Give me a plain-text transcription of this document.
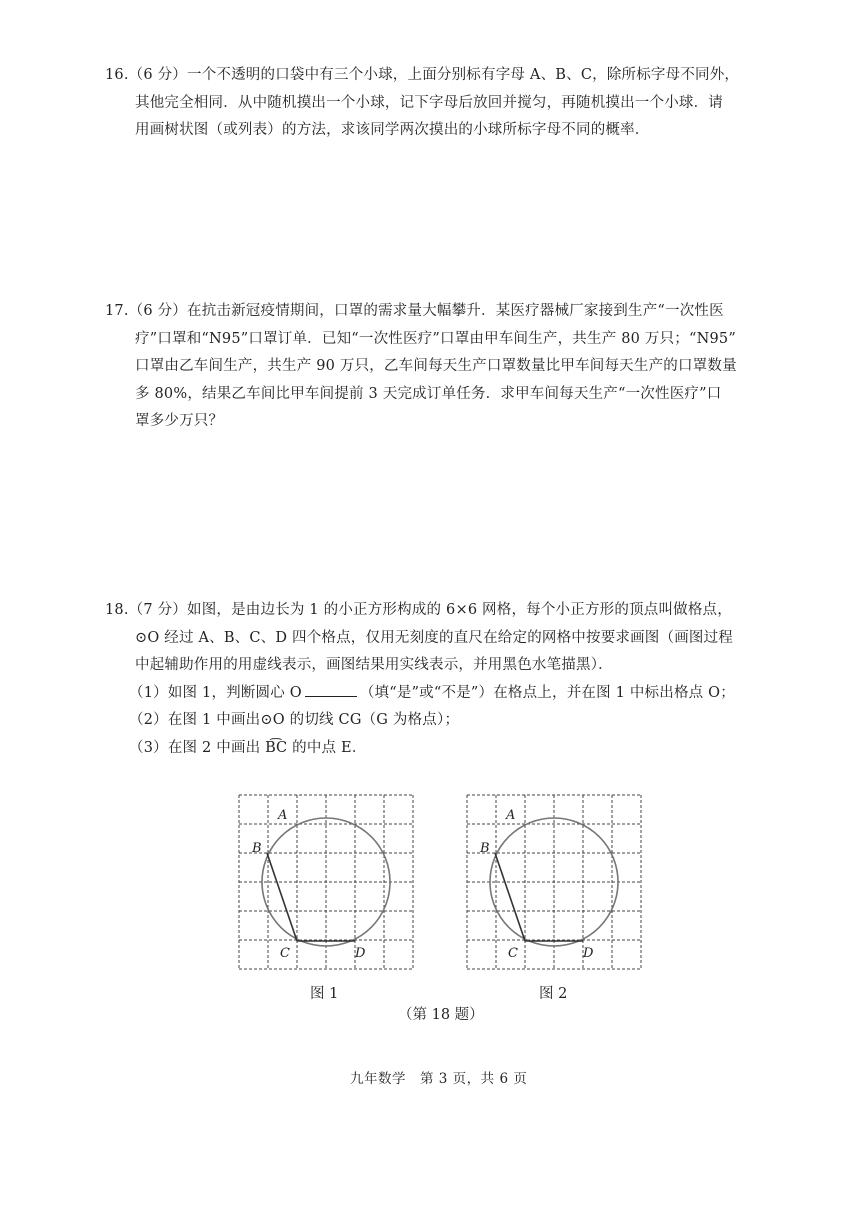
16.（6 分）一个不透明的口袋中有三个小球，上面分别标有字母 A、B、C，除所标字母不同外，
其他完全相同．从中随机摸出一个小球，记下字母后放回并搅匀，再随机摸出一个小球．请
用画树状图（或列表）的方法，求该同学两次摸出的小球所标字母不同的概率．
17.（6 分）在抗击新冠疫情期间，口罩的需求量大幅攀升．某医疗器械厂家接到生产“一次性医
疗”口罩和“N95”口罩订单．已知“一次性医疗”口罩由甲车间生产，共生产 80 万只；“N95”
口罩由乙车间生产，共生产 90 万只，乙车间每天生产口罩数量比甲车间每天生产的口罩数量
多 80%，结果乙车间比甲车间提前 3 天完成订单任务．求甲车间每天生产“一次性医疗”口
罩多少万只？
18.（7 分）如图，是由边长为 1 的小正方形构成的 6×6 网格，每个小正方形的顶点叫做格点，
⊙O 经过 A、B、C、D 四个格点，仅用无刻度的直尺在给定的网格中按要求画图（画图过程
中起辅助作用的用虚线表示，画图结果用实线表示，并用黑色水笔描黑）．
（1）如图 1，判断圆心 O	（填“是”或“不是”）在格点上，并在图 1 中标出格点 O；
（2）在图 1 中画出⊙O 的切线 CG（G 为格点）；
（3）在图 2 中画出 B͡C 的中点 E．
A
B
C	D
图 1
A
B
C	D
图 2
（第 18 题）
九年数学　第 3 页，共 6 页
